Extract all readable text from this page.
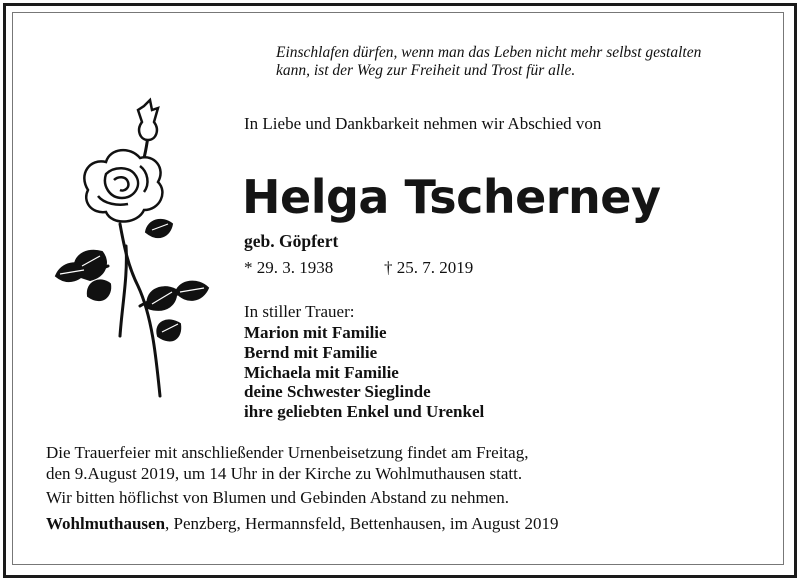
Einschlafen dürfen, wenn man das Leben nicht mehr selbst gestalten
kann, ist der Weg zur Freiheit und Trost für alle.
In Liebe und Dankbarkeit nehmen wir Abschied von
Helga Tscherney
geb. Göpfert
* 29. 3. 1938	† 25. 7. 2019
In stiller Trauer:
Marion mit Familie
Bernd mit Familie
Michaela mit Familie
deine Schwester Sieglinde
ihre geliebten Enkel und Urenkel
Die Trauerfeier mit anschließender Urnenbeisetzung findet am Freitag,
den 9.August 2019, um 14 Uhr in der Kirche zu Wohlmuthausen statt.
Wir bitten höflichst von Blumen und Gebinden Abstand zu nehmen.
Wohlmuthausen, Penzberg, Hermannsfeld, Bettenhausen, im August 2019
